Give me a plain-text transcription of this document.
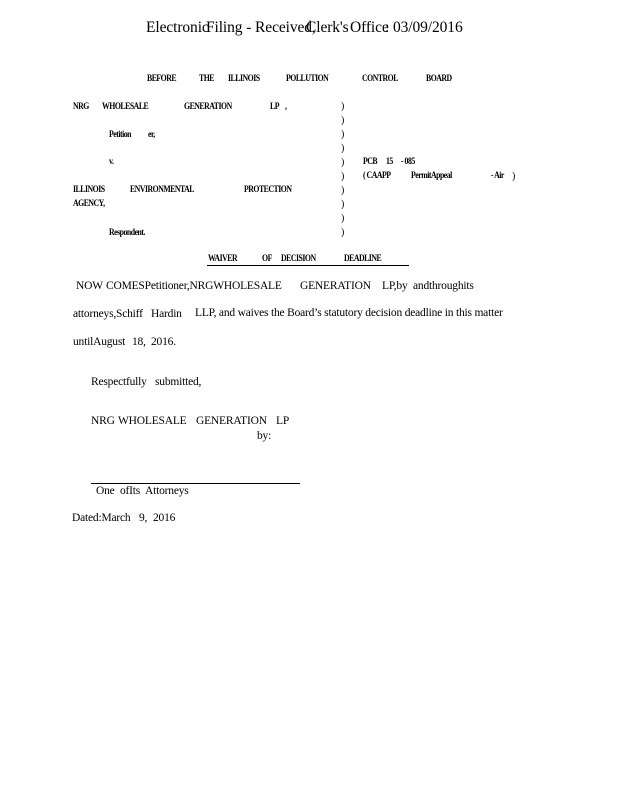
Electronic
Filing - Received,
Clerk's Office
: 03/09/2016
BEFORE THE ILLINOIS	POLLUTION	CONTROL	BOARD
NRG WHOLESALE	GENERATION	LP ,
Petition er,
v.
ILLINOIS	ENVIRONMENTAL	PROTECTION
AGENCY,
Respondent.
)
)
)
)
)
)
)
)
)
)
PCB 15 - 085
( CAAPP PermitAppeal	- Air )
WAIVER	OF DECISION	DEADLINE
NOW COMESPetitioner,NRGWHOLESALE GENERATION LP,by andthroughits
attorneys,Schiff Hardin LLP, and waives the Board’s statutory decision deadline in this matter
untilAugust 18, 2016.
Respectfully submitted,
NRG WHOLESALE GENERATION LP
by:
One ofIts Attorneys
Dated:March 9, 2016
